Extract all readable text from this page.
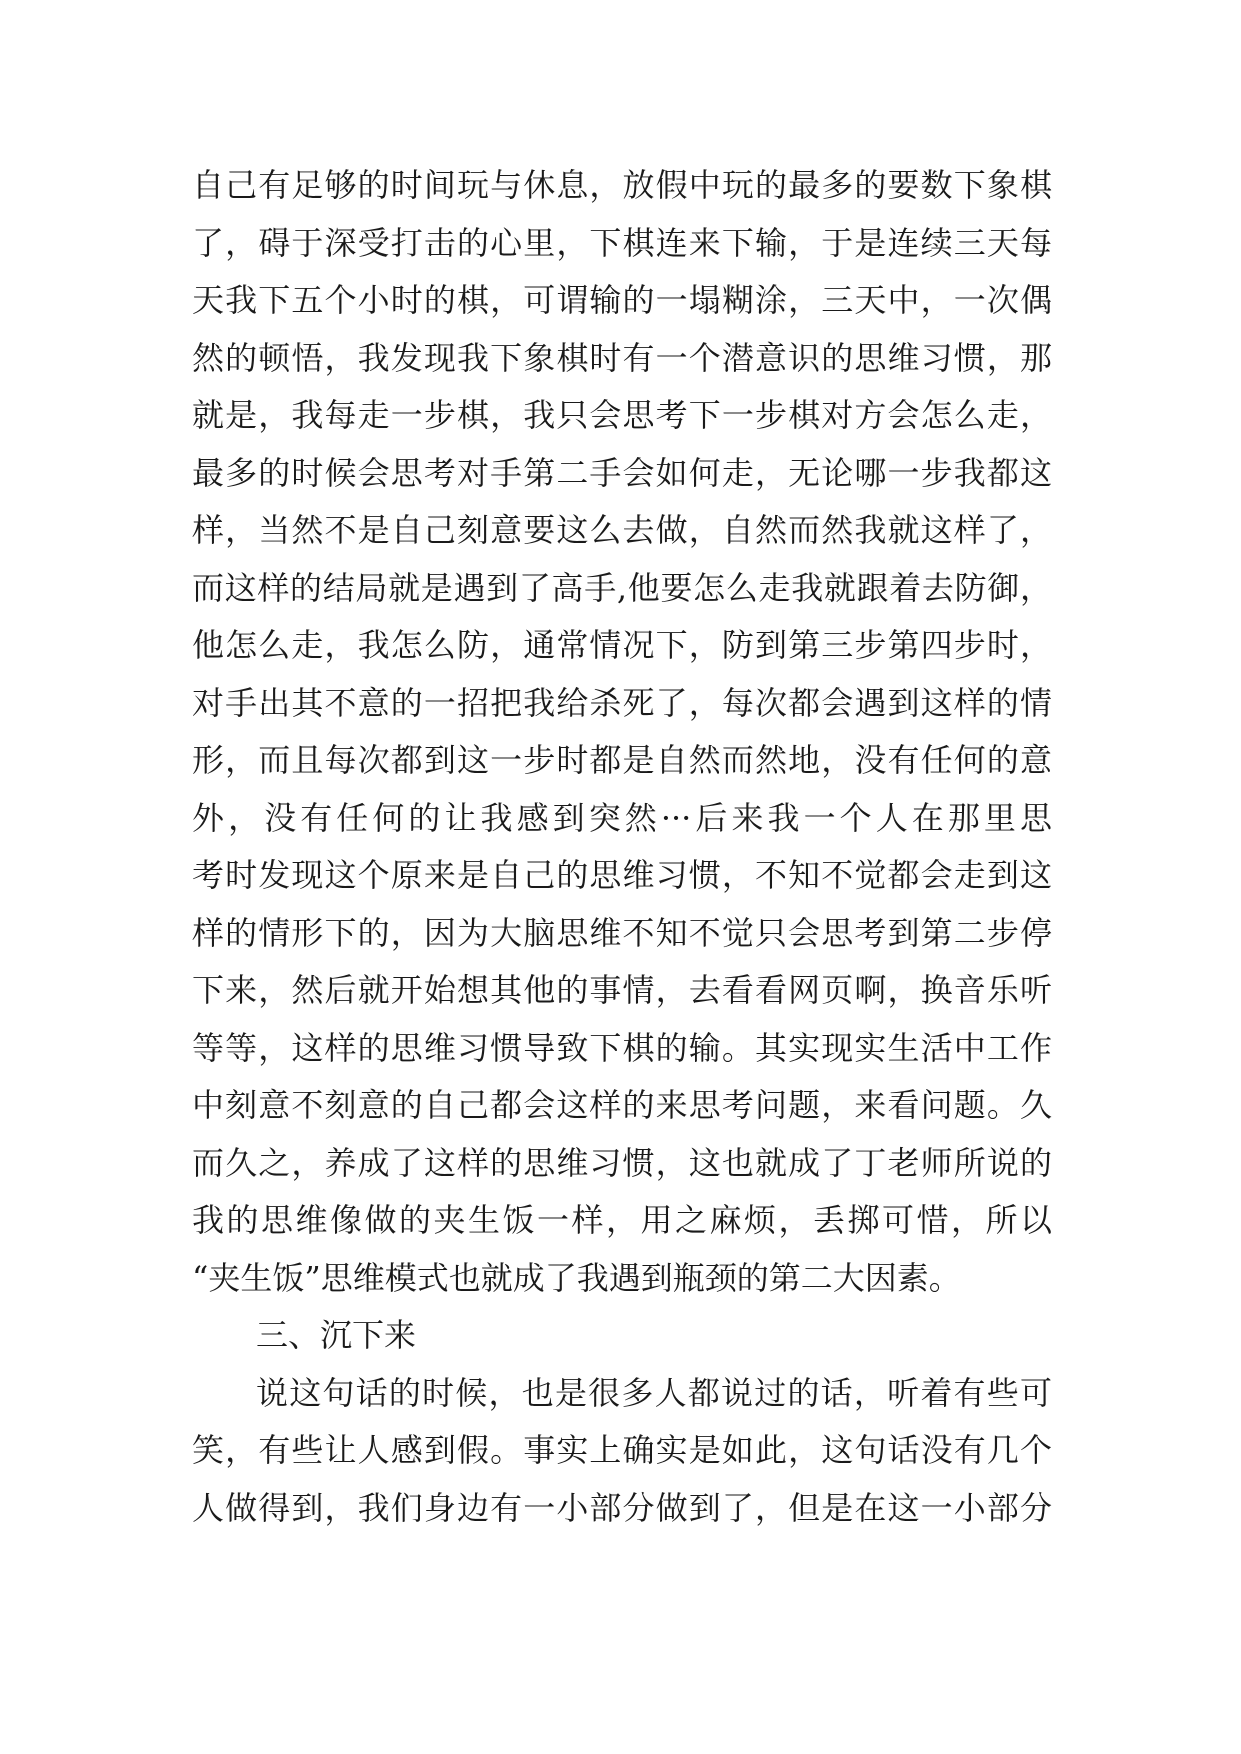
自己有足够的时间玩与休息，放假中玩的最多的要数下象棋
了，碍于深受打击的心里，下棋连来下输，于是连续三天每
天我下五个小时的棋，可谓输的一塌糊涂，三天中，一次偶
然的顿悟，我发现我下象棋时有一个潜意识的思维习惯，那
就是，我每走一步棋，我只会思考下一步棋对方会怎么走，
最多的时候会思考对手第二手会如何走，无论哪一步我都这
样，当然不是自己刻意要这么去做，自然而然我就这样了，
而这样的结局就是遇到了高手,他要怎么走我就跟着去防御，
他怎么走，我怎么防，通常情况下，防到第三步第四步时，
对手出其不意的一招把我给杀死了，每次都会遇到这样的情
形，而且每次都到这一步时都是自然而然地，没有任何的意
外，没有任何的让我感到突然···后来我一个人在那里思
考时发现这个原来是自己的思维习惯，不知不觉都会走到这
样的情形下的，因为大脑思维不知不觉只会思考到第二步停
下来，然后就开始想其他的事情，去看看网页啊，换音乐听
等等，这样的思维习惯导致下棋的输。其实现实生活中工作
中刻意不刻意的自己都会这样的来思考问题，来看问题。久
而久之，养成了这样的思维习惯，这也就成了丁老师所说的
我的思维像做的夹生饭一样，用之麻烦，丢掷可惜，所以
“夹生饭”思维模式也就成了我遇到瓶颈的第二大因素。
三、沉下来
说这句话的时候，也是很多人都说过的话，听着有些可
笑，有些让人感到假。事实上确实是如此，这句话没有几个
人做得到，我们身边有一小部分做到了，但是在这一小部分
